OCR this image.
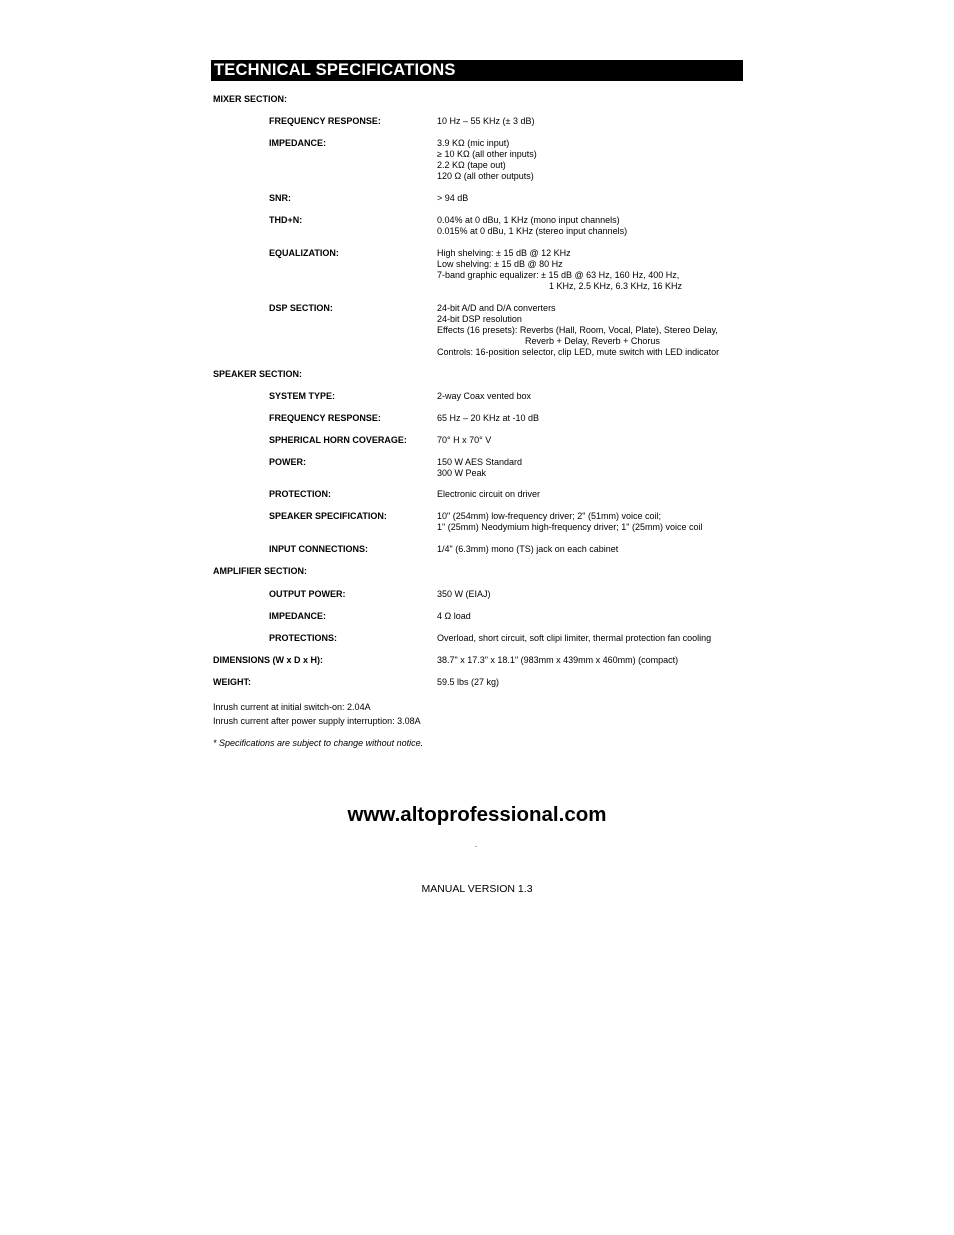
TECHNICAL SPECIFICATIONS
MIXER SECTION:
FREQUENCY RESPONSE:	10 Hz – 55 KHz (± 3 dB)
IMPEDANCE:	3.9 KΩ (mic input)
≥ 10 KΩ (all other inputs)
2.2 KΩ (tape out)
120 Ω (all other outputs)
SNR:	> 94 dB
THD+N:	0.04% at 0 dBu, 1 KHz (mono input channels)
0.015% at 0 dBu, 1 KHz (stereo input channels)
EQUALIZATION:	High shelving: ± 15 dB @ 12 KHz
Low shelving: ± 15 dB @ 80 Hz
7-band graphic equalizer: ± 15 dB @ 63 Hz, 160 Hz, 400 Hz,
1 KHz, 2.5 KHz, 6.3 KHz, 16 KHz
DSP SECTION:	24-bit A/D and D/A converters
24-bit DSP resolution
Effects (16 presets): Reverbs (Hall, Room, Vocal, Plate), Stereo Delay,
Reverb + Delay, Reverb + Chorus
Controls: 16-position selector, clip LED, mute switch with LED indicator
SPEAKER SECTION:
SYSTEM TYPE:	2-way Coax vented box
FREQUENCY RESPONSE:	65 Hz – 20 KHz at -10 dB
SPHERICAL HORN COVERAGE:	70° H x 70° V
POWER:	150 W AES Standard
300 W Peak
PROTECTION:	Electronic circuit on driver
SPEAKER SPECIFICATION:	10" (254mm) low-frequency driver; 2" (51mm) voice coil;
1" (25mm) Neodymium high-frequency driver; 1" (25mm) voice coil
INPUT CONNECTIONS:	1/4" (6.3mm) mono (TS) jack on each cabinet
AMPLIFIER SECTION:
OUTPUT POWER:	350 W (EIAJ)
IMPEDANCE:	4 Ω load
PROTECTIONS:	Overload, short circuit, soft clipi limiter, thermal protection fan cooling
DIMENSIONS (W x D x H):	38.7" x 17.3" x 18.1" (983mm x 439mm x 460mm) (compact)
WEIGHT:	59.5 lbs (27 kg)
Inrush current at initial switch-on: 2.04A
Inrush current after power supply interruption: 3.08A
* Specifications are subject to change without notice.
www.altoprofessional.com
.
MANUAL VERSION 1.3
